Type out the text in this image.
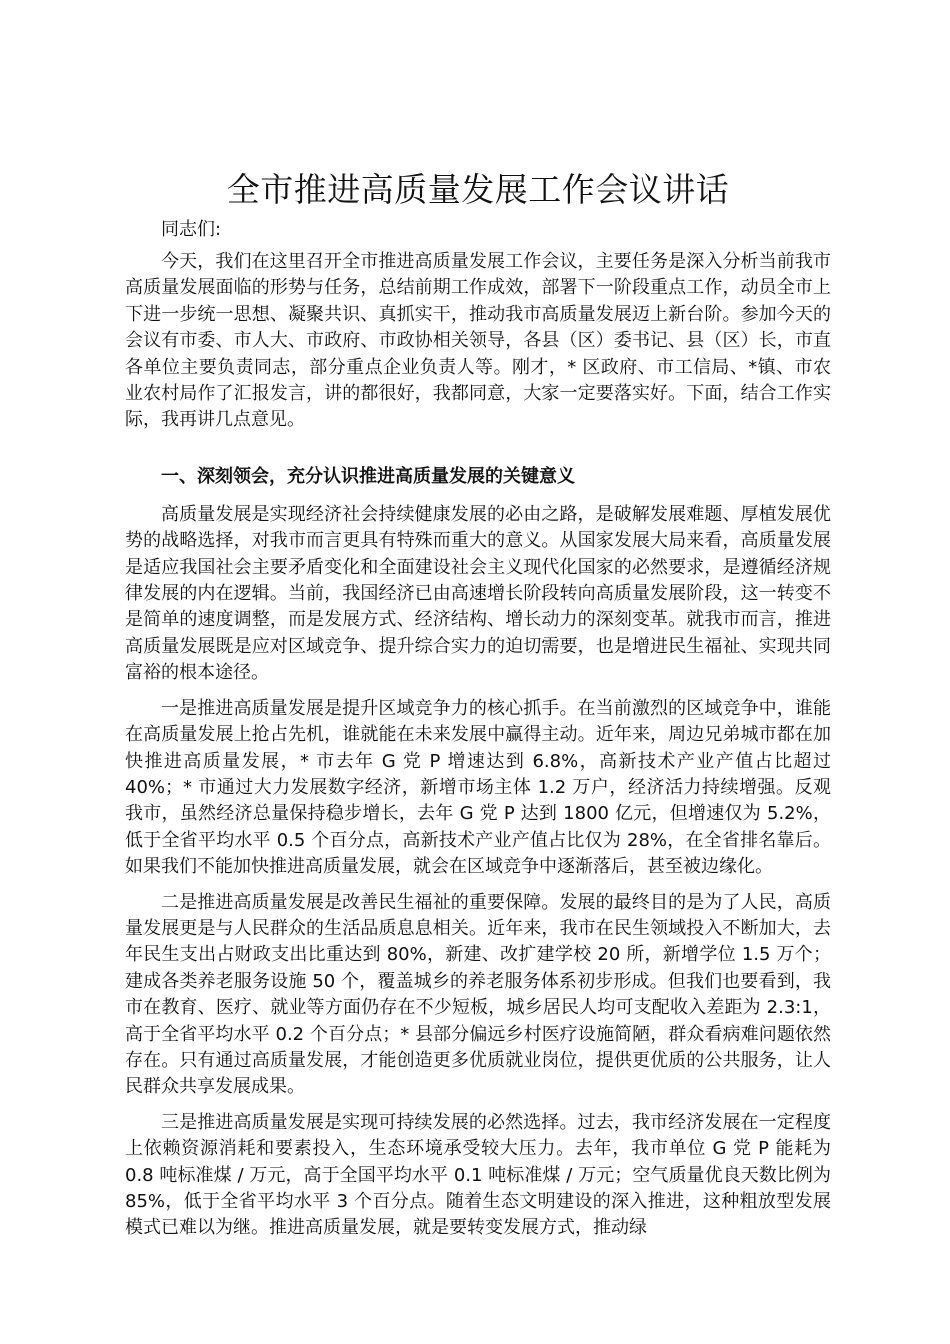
全市推进高质量发展工作会议讲话

同志们:

今天，我们在这里召开全市推进高质量发展工作会议，主要任务是深入分析当前我市高质量发展面临的形势与任务，总结前期工作成效，部署下一阶段重点工作，动员全市上下进一步统一思想、凝聚共识、真抓实干，推动我市高质量发展迈上新台阶。参加今天的会议有市委、市人大、市政府、市政协相关领导，各县（区）委书记、县（区）长，市直各单位主要负责同志，部分重点企业负责人等。刚才，* 区政府、市工信局、*镇、市农业农村局作了汇报发言，讲的都很好，我都同意，大家一定要落实好。下面，结合工作实际，我再讲几点意见。

一、深刻领会，充分认识推进高质量发展的关键意义

高质量发展是实现经济社会持续健康发展的必由之路，是破解发展难题、厚植发展优势的战略选择，对我市而言更具有特殊而重大的意义。从国家发展大局来看，高质量发展是适应我国社会主要矛盾变化和全面建设社会主义现代化国家的必然要求，是遵循经济规律发展的内在逻辑。当前，我国经济已由高速增长阶段转向高质量发展阶段，这一转变不是简单的速度调整，而是发展方式、经济结构、增长动力的深刻变革。就我市而言，推进高质量发展既是应对区域竞争、提升综合实力的迫切需要，也是增进民生福祉、实现共同富裕的根本途径。

一是推进高质量发展是提升区域竞争力的核心抓手。在当前激烈的区域竞争中，谁能在高质量发展上抢占先机，谁就能在未来发展中赢得主动。近年来，周边兄弟城市都在加快推进高质量发展，* 市去年 G 党 P 增速达到 6.8%，高新技术产业产值占比超过 40%；* 市通过大力发展数字经济，新增市场主体 1.2 万户，经济活力持续增强。反观我市，虽然经济总量保持稳步增长，去年 G 党 P 达到 1800 亿元，但增速仅为 5.2%，低于全省平均水平 0.5 个百分点，高新技术产业产值占比仅为 28%，在全省排名靠后。如果我们不能加快推进高质量发展，就会在区域竞争中逐渐落后，甚至被边缘化。

二是推进高质量发展是改善民生福祉的重要保障。发展的最终目的是为了人民，高质量发展更是与人民群众的生活品质息息相关。近年来，我市在民生领域投入不断加大，去年民生支出占财政支出比重达到 80%，新建、改扩建学校 20 所，新增学位 1.5 万个；建成各类养老服务设施 50 个，覆盖城乡的养老服务体系初步形成。但我们也要看到，我市在教育、医疗、就业等方面仍存在不少短板，城乡居民人均可支配收入差距为 2.3:1，高于全省平均水平 0.2 个百分点；* 县部分偏远乡村医疗设施简陋，群众看病难问题依然存在。只有通过高质量发展，才能创造更多优质就业岗位，提供更优质的公共服务，让人民群众共享发展成果。

三是推进高质量发展是实现可持续发展的必然选择。过去，我市经济发展在一定程度上依赖资源消耗和要素投入，生态环境承受较大压力。去年，我市单位 G 党 P 能耗为 0.8 吨标准煤 / 万元，高于全国平均水平 0.1 吨标准煤 / 万元；空气质量优良天数比例为 85%，低于全省平均水平 3 个百分点。随着生态文明建设的深入推进，这种粗放型发展模式已难以为继。推进高质量发展，就是要转变发展方式，推动绿
